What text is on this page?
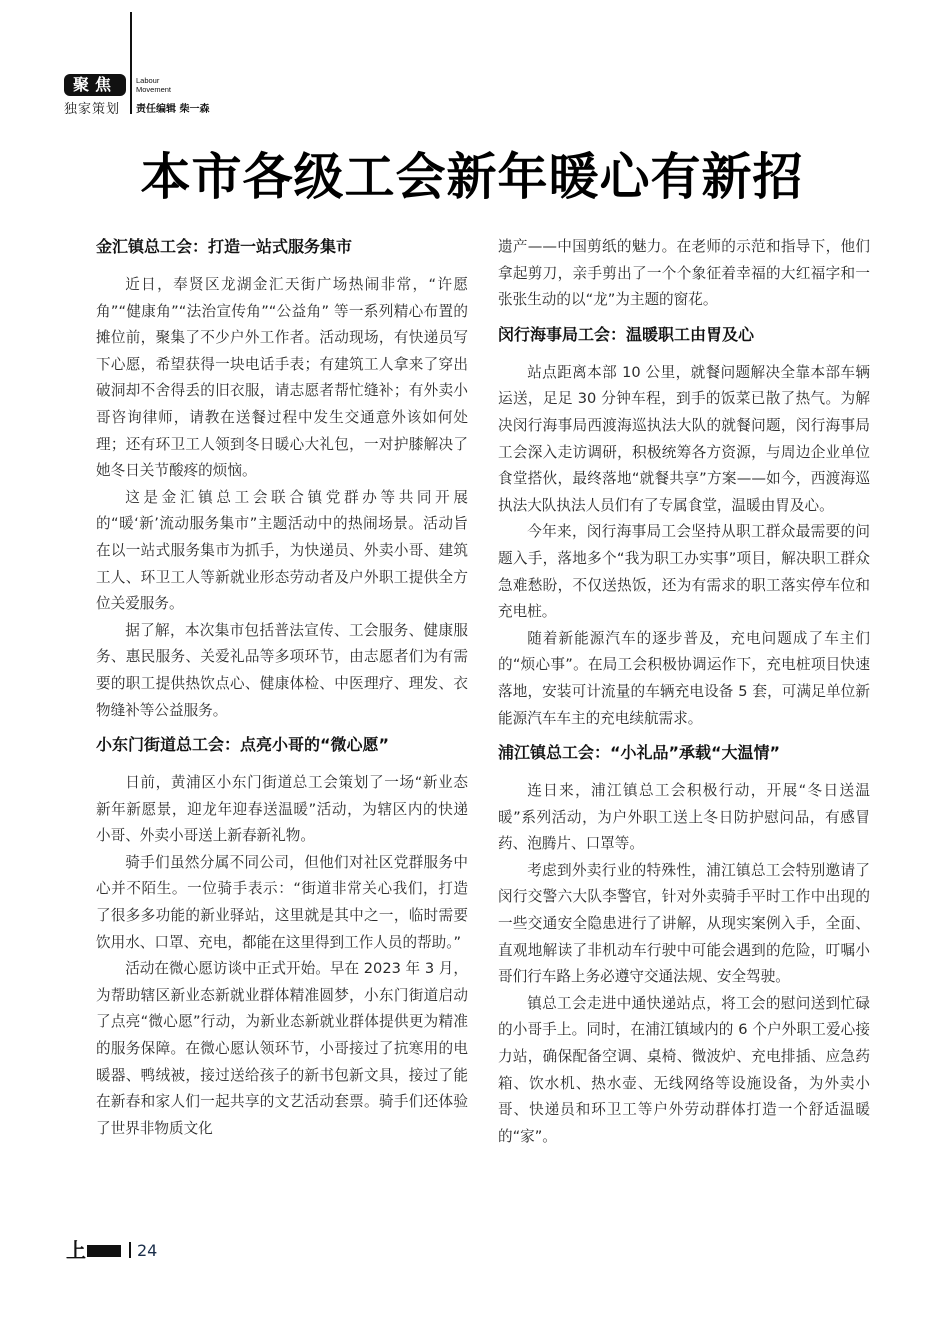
聚焦
独家策划
Labour
Movement
责任编辑 柴一森
本市各级工会新年暖心有新招
金汇镇总工会：打造一站式服务集市

近日，奉贤区龙湖金汇天街广场热闹非常，“许愿角”“健康角”“法治宣传角”“公益角” 等一系列精心布置的摊位前，聚集了不少户外工作者。活动现场，有快递员写下心愿，希望获得一块电话手表；有建筑工人拿来了穿出破洞却不舍得丢的旧衣服，请志愿者帮忙缝补；有外卖小哥咨询律师，请教在送餐过程中发生交通意外该如何处理；还有环卫工人领到冬日暖心大礼包，一对护膝解决了她冬日关节酸疼的烦恼。

这是金汇镇总工会联合镇党群办等共同开展的“暖‘新’流动服务集市”主题活动中的热闹场景。活动旨在以一站式服务集市为抓手，为快递员、外卖小哥、建筑工人、环卫工人等新就业形态劳动者及户外职工提供全方位关爱服务。

据了解，本次集市包括普法宣传、工会服务、健康服务、惠民服务、关爱礼品等多项环节，由志愿者们为有需要的职工提供热饮点心、健康体检、中医理疗、理发、衣物缝补等公益服务。

小东门街道总工会：点亮小哥的“微心愿”

日前，黄浦区小东门街道总工会策划了一场“新业态新年新愿景，迎龙年迎春送温暖”活动，为辖区内的快递小哥、外卖小哥送上新春新礼物。

骑手们虽然分属不同公司，但他们对社区党群服务中心并不陌生。一位骑手表示：“街道非常关心我们，打造了很多多功能的新业驿站，这里就是其中之一，临时需要饮用水、口罩、充电，都能在这里得到工作人员的帮助。”

活动在微心愿访谈中正式开始。早在 2023 年 3 月，为帮助辖区新业态新就业群体精准圆梦，小东门街道启动了点亮“微心愿”行动，为新业态新就业群体提供更为精准的服务保障。在微心愿认领环节，小哥接过了抗寒用的电暖器、鸭绒被，接过送给孩子的新书包新文具，接过了能在新春和家人们一起共享的文艺活动套票。骑手们还体验了世界非物质文化

遗产——中国剪纸的魅力。在老师的示范和指导下，他们拿起剪刀，亲手剪出了一个个象征着幸福的大红福字和一张张生动的以“龙”为主题的窗花。

闵行海事局工会：温暖职工由胃及心

站点距离本部 10 公里，就餐问题解决全靠本部车辆运送，足足 30 分钟车程，到手的饭菜已散了热气。为解决闵行海事局西渡海巡执法大队的就餐问题，闵行海事局工会深入走访调研，积极统筹各方资源，与周边企业单位食堂搭伙，最终落地“就餐共享”方案——如今，西渡海巡执法大队执法人员们有了专属食堂，温暖由胃及心。

今年来，闵行海事局工会坚持从职工群众最需要的问题入手，落地多个“我为职工办实事”项目，解决职工群众急难愁盼，不仅送热饭，还为有需求的职工落实停车位和充电桩。

随着新能源汽车的逐步普及，充电问题成了车主们的“烦心事”。在局工会积极协调运作下，充电桩项目快速落地，安装可计流量的车辆充电设备 5 套，可满足单位新能源汽车车主的充电续航需求。

浦江镇总工会：“小礼品”承载“大温情”

连日来，浦江镇总工会积极行动，开展“冬日送温暖”系列活动，为户外职工送上冬日防护慰问品，有感冒药、泡腾片、口罩等。

考虑到外卖行业的特殊性，浦江镇总工会特别邀请了闵行交警六大队李警官，针对外卖骑手平时工作中出现的一些交通安全隐患进行了讲解，从现实案例入手，全面、直观地解读了非机动车行驶中可能会遇到的危险，叮嘱小哥们行车路上务必遵守交通法规、安全驾驶。

镇总工会走进中通快递站点，将工会的慰问送到忙碌的小哥手上。同时，在浦江镇域内的 6 个户外职工爱心接力站，确保配备空调、桌椅、微波炉、充电排插、应急药箱、饮水机、热水壶、无线网络等设施设备，为外卖小哥、快递员和环卫工等户外劳动群体打造一个舒适温暖的“家”。

上	24
